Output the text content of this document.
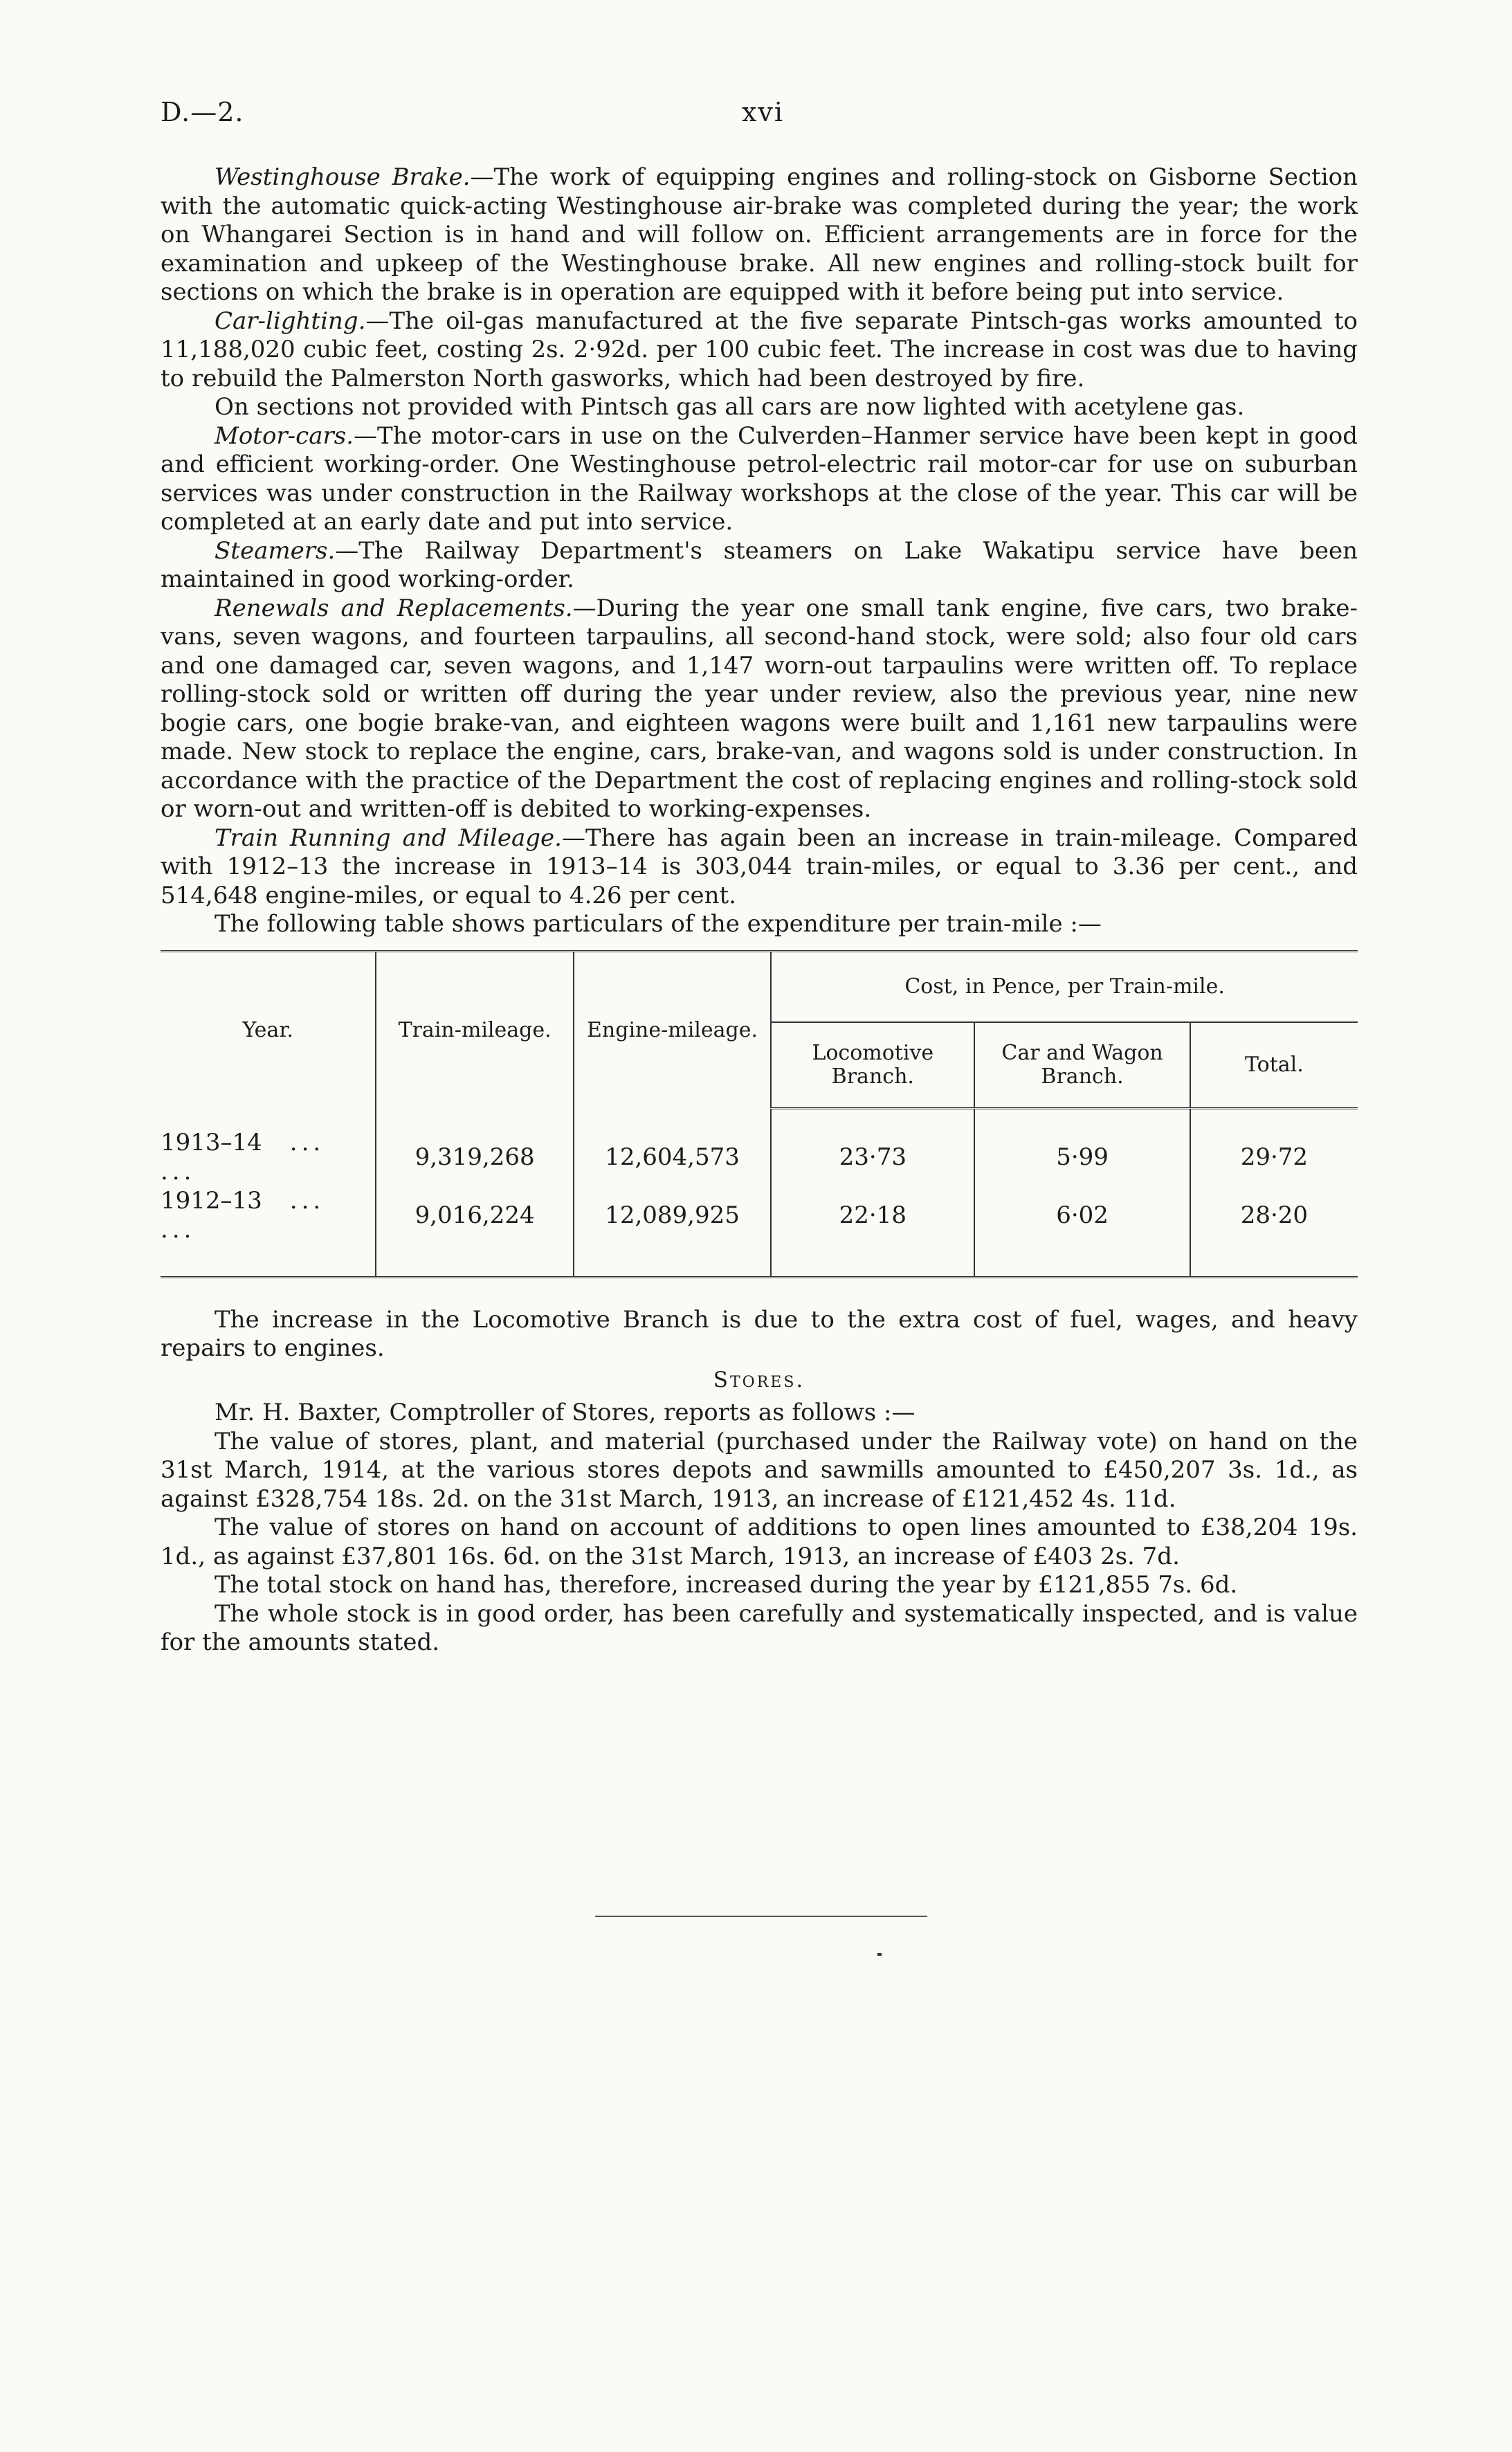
D.—2.	xvi

Westinghouse Brake.—The work of equipping engines and rolling-stock on Gisborne Section with the automatic quick-acting Westinghouse air-brake was completed during the year; the work on Whangarei Section is in hand and will follow on. Efficient arrangements are in force for the examination and upkeep of the Westinghouse brake. All new engines and rolling-stock built for sections on which the brake is in operation are equipped with it before being put into service.

Car-lighting.—The oil-gas manufactured at the five separate Pintsch-gas works amounted to 11,188,020 cubic feet, costing 2s. 2·92d. per 100 cubic feet. The increase in cost was due to having to rebuild the Palmerston North gasworks, which had been destroyed by fire.

On sections not provided with Pintsch gas all cars are now lighted with acetylene gas.

Motor-cars.—The motor-cars in use on the Culverden–Hanmer service have been kept in good and efficient working-order. One Westinghouse petrol-electric rail motor-car for use on suburban services was under construction in the Railway workshops at the close of the year. This car will be completed at an early date and put into service.

Steamers.—The Railway Department's steamers on Lake Wakatipu service have been maintained in good working-order.

Renewals and Replacements.—During the year one small tank engine, five cars, two brake-vans, seven wagons, and fourteen tarpaulins, all second-hand stock, were sold; also four old cars and one damaged car, seven wagons, and 1,147 worn-out tarpaulins were written off. To replace rolling-stock sold or written off during the year under review, also the previous year, nine new bogie cars, one bogie brake-van, and eighteen wagons were built and 1,161 new tarpaulins were made. New stock to replace the engine, cars, brake-van, and wagons sold is under construction. In accordance with the practice of the Department the cost of replacing engines and rolling-stock sold or worn-out and written-off is debited to working-expenses.

Train Running and Mileage.—There has again been an increase in train-mileage. Compared with 1912–13 the increase in 1913–14 is 303,044 train-miles, or equal to 3.36 per cent., and 514,648 engine-miles, or equal to 4.26 per cent.

The following table shows particulars of the expenditure per train-mile :—

Year.	Train-mileage.	Engine-mileage.	Cost, in Pence, per Train-mile.		
			Locomotive Branch.	Car and Wagon Branch.	Total.
1913–14 ... ...	9,319,268	12,604,573	23·73	5·99	29·72
1912–13 ... ...	9,016,224	12,089,925	22·18	6·02	28·20

The increase in the Locomotive Branch is due to the extra cost of fuel, wages, and heavy repairs to engines.

Stores.

Mr. H. Baxter, Comptroller of Stores, reports as follows :—

The value of stores, plant, and material (purchased under the Railway vote) on hand on the 31st March, 1914, at the various stores depots and sawmills amounted to £450,207 3s. 1d., as against £328,754 18s. 2d. on the 31st March, 1913, an increase of £121,452 4s. 11d.

The value of stores on hand on account of additions to open lines amounted to £38,204 19s. 1d., as against £37,801 16s. 6d. on the 31st March, 1913, an increase of £403 2s. 7d.

The total stock on hand has, therefore, increased during the year by £121,855 7s. 6d.

The whole stock is in good order, has been carefully and systematically inspected, and is value for the amounts stated.
